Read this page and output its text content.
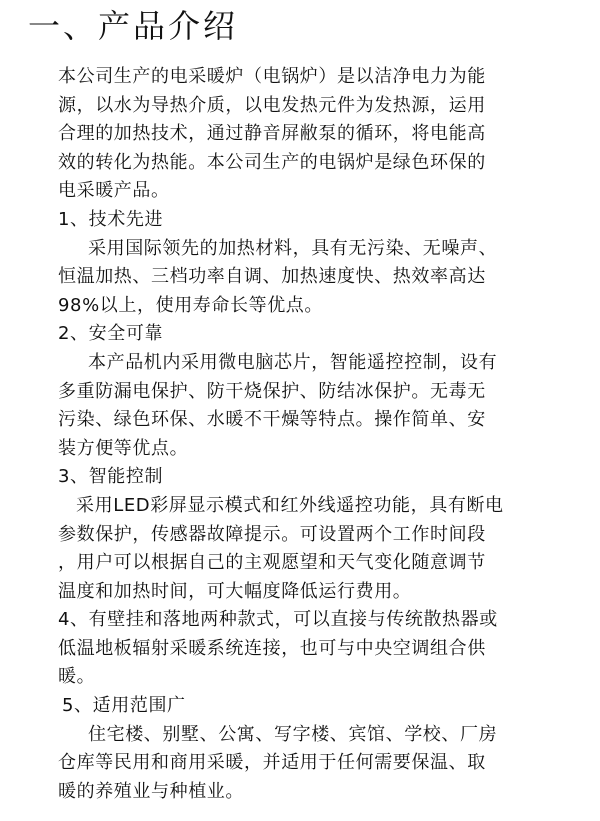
一、产品介绍
本公司生产的电采暖炉（电锅炉）是以洁净电力为能
源，以水为导热介质，以电发热元件为发热源，运用
合理的加热技术，通过静音屏敝泵的循环，将电能高
效的转化为热能。本公司生产的电锅炉是绿色环保的
电采暖产品。
1、技术先进
采用国际领先的加热材料，具有无污染、无噪声、
恒温加热、三档功率自调、加热速度快、热效率高达
98%以上，使用寿命长等优点。
2、安全可靠
本产品机内采用微电脑芯片，智能遥控控制，设有
多重防漏电保护、防干烧保护、防结冰保护。无毒无
污染、绿色环保、水暖不干燥等特点。操作简单、安
装方便等优点。
3、智能控制
采用LED彩屏显示模式和红外线遥控功能，具有断电
参数保护，传感器故障提示。可设置两个工作时间段
，用户可以根据自己的主观愿望和天气变化随意调节
温度和加热时间，可大幅度降低运行费用。
4、有壁挂和落地两种款式，可以直接与传统散热器或
低温地板辐射采暖系统连接，也可与中央空调组合供
暖。
5、适用范围广
住宅楼、别墅、公寓、写字楼、宾馆、学校、厂房
仓库等民用和商用采暖，并适用于任何需要保温、取
暖的养殖业与种植业。
